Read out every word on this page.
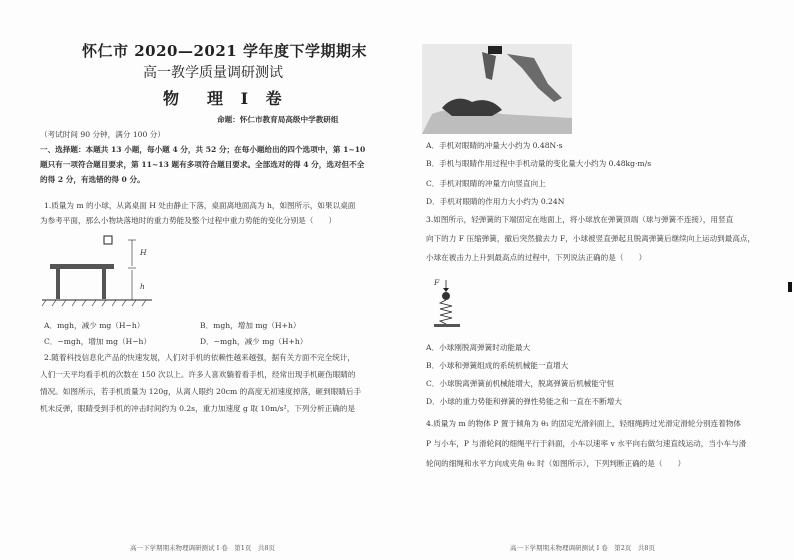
怀仁市 2020—2021 学年度下学期期末
高一教学质量调研测试
物　理 I 卷
命题：怀仁市教育局高级中学教研组
（考试时间 90 分钟，满分 100 分）
一、选择题：本题共 13 小题，每小题 4 分，共 52 分；在每小题给出的四个选项中，第 1~10
题只有一项符合题目要求，第 11~13 题有多项符合题目要求。全部选对的得 4 分，选对但不全
的得 2 分，有选错的得 0 分。
1.质量为 m 的小球，从离桌面 H 处由静止下落，桌面离地面高为 h，如图所示，如果以桌面
为参考平面，那么小物块落地时的重力势能及整个过程中重力势能的变化分别是（　　）
H
h
A．mgh，减少 mg（H−h）	B．mgh，增加 mg（H+h）
C．−mgh，增加 mg（H−h）	D．−mgh，减少 mg（H+h）
2.随着科技信息化产品的快速发展，人们对手机的依赖性越来越强，据有关方面不完全统计，
人们一天平均看手机的次数在 150 次以上。许多人喜欢躺着看手机，经常出现手机砸伤眼睛的
情况。如图所示，若手机质量为 120g，从离人眼约 20cm 的高度无初速度掉落，砸到眼睛后手
机未反弹，眼睛受到手机的冲击时间约为 0.2s，重力加速度 g 取 10m/s²，下列分析正确的是
高一下学期期末物理调研测试 I 卷　第1页　共8页
A．手机对眼睛的冲量大小约为 0.48N·s
B．手机与眼睛作用过程中手机动量的变化量大小约为 0.48kg·m/s
C．手机对眼睛的冲量方向竖直向上
D．手机对眼睛的作用力大小约为 0.24N
3.如图所示，轻弹簧的下端固定在地面上，将小球放在弹簧顶端（球与弹簧不连接），用竖直
向下的力 F 压缩弹簧，撤后突然撤去力 F，小球被竖直弹起且脱离弹簧后继续向上运动到最高点，
小球在被击力上升到最高点的过程中，下列说法正确的是（　　）
F
A．小球刚脱离弹簧时动能最大
B．小球和弹簧组成的系统机械能一直增大
C．小球脱离弹簧前机械能增大，脱离弹簧后机械能守恒
D．小球的重力势能和弹簧的弹性势能之和一直在不断增大
4.质量为 m 的物体 P 置于倾角为 θ₁ 的固定光滑斜面上，轻细绳跨过光滑定滑轮分别连着物体
P 与小车，P 与滑轮间的细绳平行于斜面，小车以速率 v 水平向右做匀速直线运动，当小车与滑
轮间的细绳和水平方向成夹角 θ₂ 时（如图所示），下列判断正确的是（　　）
高一下学期期末物理调研测试 I 卷　第2页　共8页
